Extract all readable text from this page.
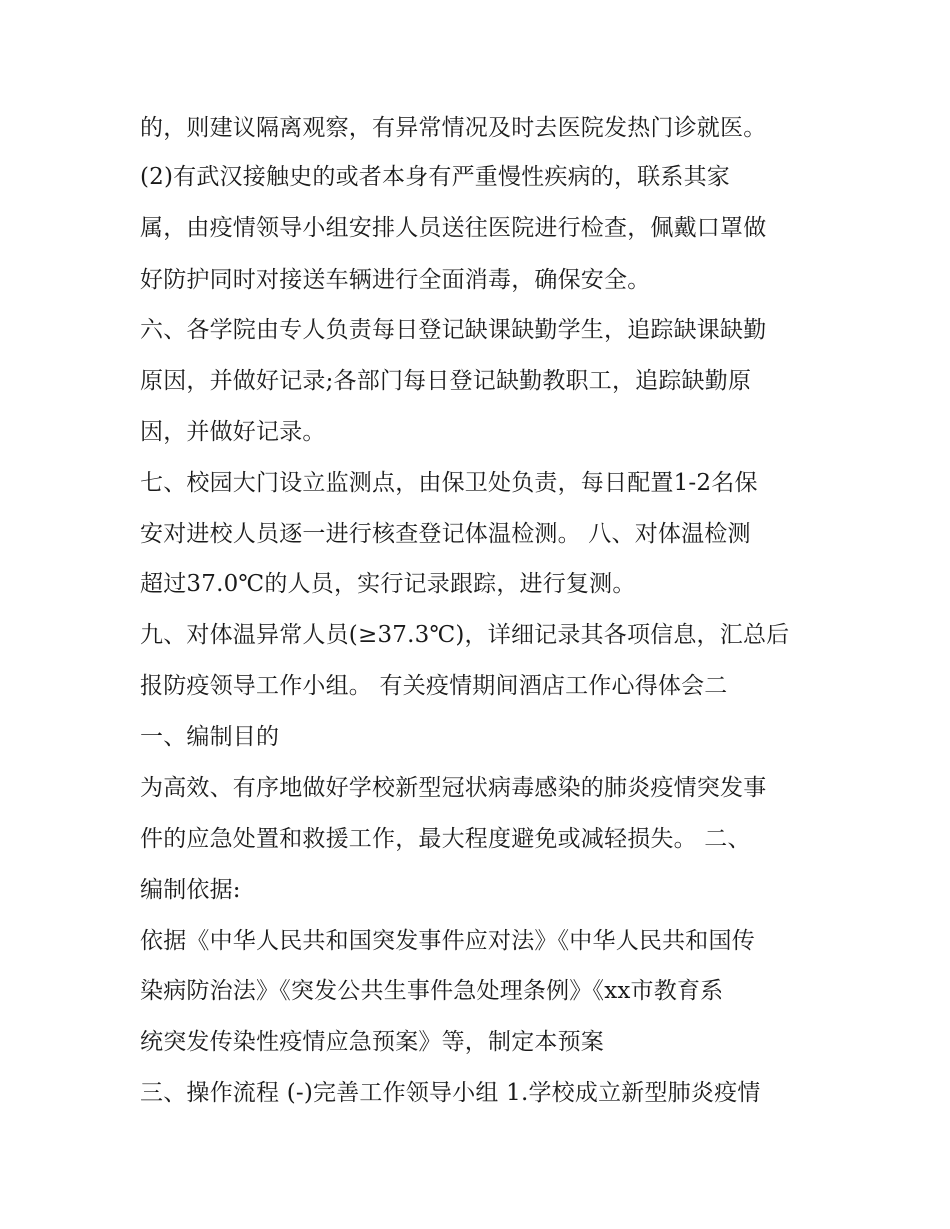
的，则建议隔离观察，有异常情况及时去医院发热门诊就医。

(2)有武汉接触史的或者本身有严重慢性疾病的，联系其家

属，由疫情领导小组安排人员送往医院进行检查，佩戴口罩做

好防护同时对接送车辆进行全面消毒，确保安全。

六、各学院由专人负责每日登记缺课缺勤学生，追踪缺课缺勤

原因，并做好记录;各部门每日登记缺勤教职工，追踪缺勤原

因，并做好记录。

七、校园大门设立监测点，由保卫处负责，每日配置1-2名保

安对进校人员逐一进行核查登记体温检测。 八、对体温检测

超过37.0℃的人员，实行记录跟踪，进行复测。

九、对体温异常人员(≥37.3℃)，详细记录其各项信息，汇总后

报防疫领导工作小组。 有关疫情期间酒店工作心得体会二

一、编制目的

为高效、有序地做好学校新型冠状病毒感染的肺炎疫情突发事

件的应急处置和救援工作，最大程度避免或减轻损失。 二、

编制依据:

依据《中华人民共和国突发事件应对法》《中华人民共和国传

染病防治法》《突发公共生事件急处理条例》《xx市教育系

统突发传染性疫情应急预案》等，制定本预案

三、操作流程 (-)完善工作领导小组 1.学校成立新型肺炎疫情
